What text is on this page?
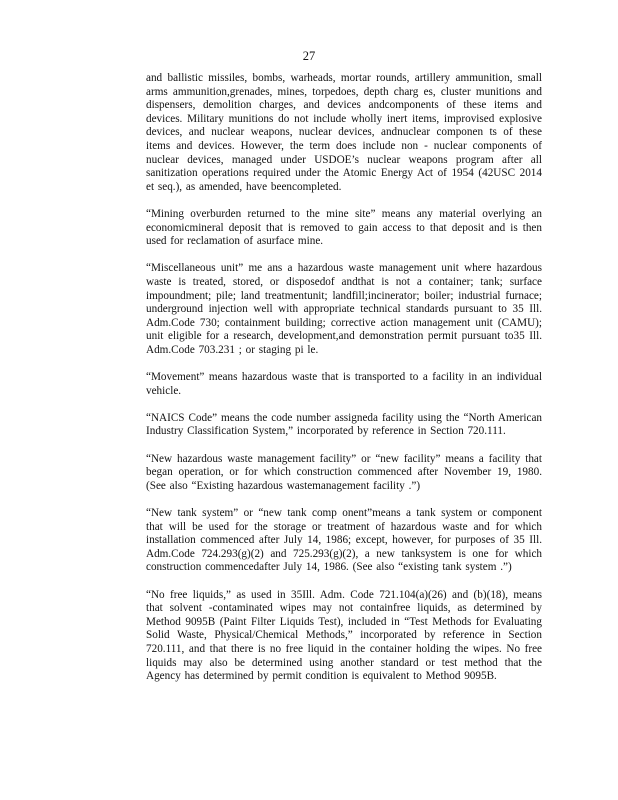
27

and ballistic missiles, bombs, warheads, mortar rounds, artillery ammunition, small arms ammunition,grenades, mines, torpedoes, depth charg es, cluster munitions and dispensers, demolition charges, and devices andcomponents of these items and devices. Military munitions do not include wholly inert items, improvised explosive devices, and nuclear weapons, nuclear devices, andnuclear componen ts of these items and devices. However, the term does include non - nuclear components of nuclear devices, managed under USDOE’s nuclear weapons program after all sanitization operations required under the Atomic Energy Act of 1954 (42USC 2014 et seq.), as amended, have beencompleted.

“Mining overburden returned to the mine site” means any material overlying an economicmineral deposit that is removed to gain access to that deposit and is then used for reclamation of asurface mine.

“Miscellaneous unit” me ans a hazardous waste management unit where hazardous waste is treated, stored, or disposedof andthat is not a container; tank; surface impoundment; pile; land treatmentunit; landfill;incinerator; boiler; industrial furnace; underground injection well with appropriate technical standards pursuant to 35 Ill. Adm.Code 730; containment building; corrective action management unit (CAMU); unit eligible for a research, development,and demonstration permit pursuant to35 Ill. Adm.Code 703.231 ; or staging pi le.

“Movement” means hazardous waste that is transported to a facility in an individual vehicle.

“NAICS Code” means the code number assigneda facility using the “North American Industry Classification System,” incorporated by reference in Section 720.111.

“New hazardous waste management facility” or “new facility” means a facility that began operation, or for which construction commenced after November 19, 1980. (See also “Existing hazardous wastemanagement facility .”)

“New tank system” or “new tank comp onent”means a tank system or component that will be used for the storage or treatment of hazardous waste and for which installation commenced after July 14, 1986; except, however, for purposes of 35 Ill. Adm.Code 724.293(g)(2) and 725.293(g)(2), a new tanksystem is one for which construction commencedafter July 14, 1986. (See also “existing tank system .”)

“No free liquids,” as used in 35Ill. Adm. Code 721.104(a)(26) and (b)(18), means that solvent -contaminated wipes may not containfree liquids, as determined by Method 9095B (Paint Filter Liquids Test), included in “Test Methods for Evaluating Solid Waste, Physical/Chemical Methods,” incorporated by reference in Section 720.111, and that there is no free liquid in the container holding the wipes. No free liquids may also be determined using another standard or test method that the Agency has determined by permit condition is equivalent to Method 9095B.
